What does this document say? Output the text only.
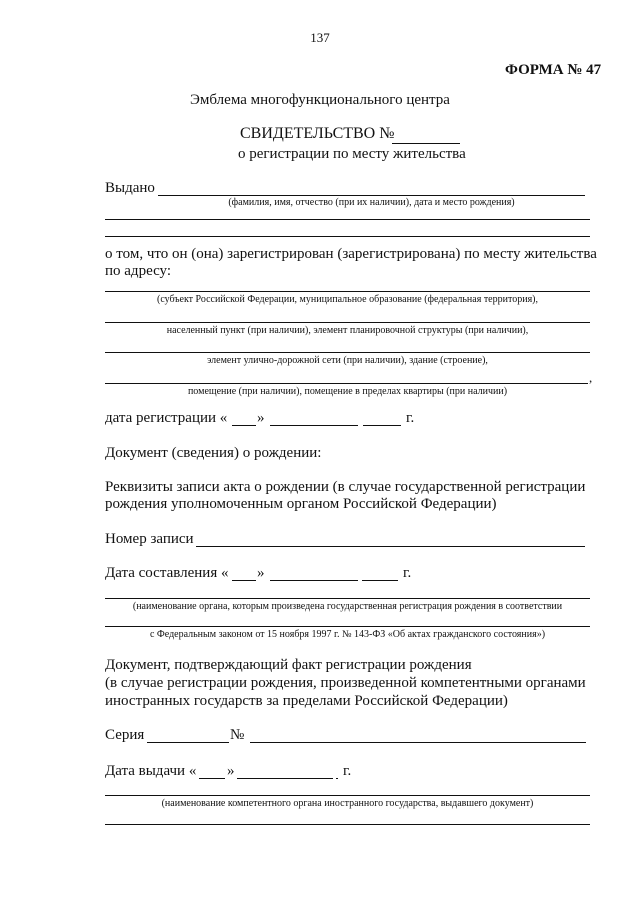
137
ФОРМА № 47
Эмблема многофункционального центра
СВИДЕТЕЛЬСТВО №
о регистрации по месту жительства
Выдано
(фамилия, имя, отчество (при их наличии), дата и место рождения)
о том, что он (она) зарегистрирован (зарегистрирована) по месту жительства
по адресу:
(субъект Российской Федерации, муниципальное образование (федеральная территория),
населенный пункт (при наличии), элемент планировочной структуры (при наличии),
элемент улично-дорожной сети (при наличии), здание (строение),
,
помещение (при наличии), помещение в пределах квартиры (при наличии)
дата регистрации « »	г.
Документ (сведения) о рождении:
Реквизиты записи акта о рождении (в случае государственной регистрации
рождения уполномоченным органом Российской Федерации)
Номер записи
Дата составления « »	г.
(наименование органа, которым произведена государственная регистрация рождения в соответствии
с Федеральным законом от 15 ноября 1997 г. № 143-ФЗ «Об актах гражданского состояния»)
Документ, подтверждающий факт регистрации рождения
(в случае регистрации рождения, произведенной компетентными органами
иностранных государств за пределами Российской Федерации)
Серия	№
Дата выдачи « »	г.
(наименование компетентного органа иностранного государства, выдавшего документ)
